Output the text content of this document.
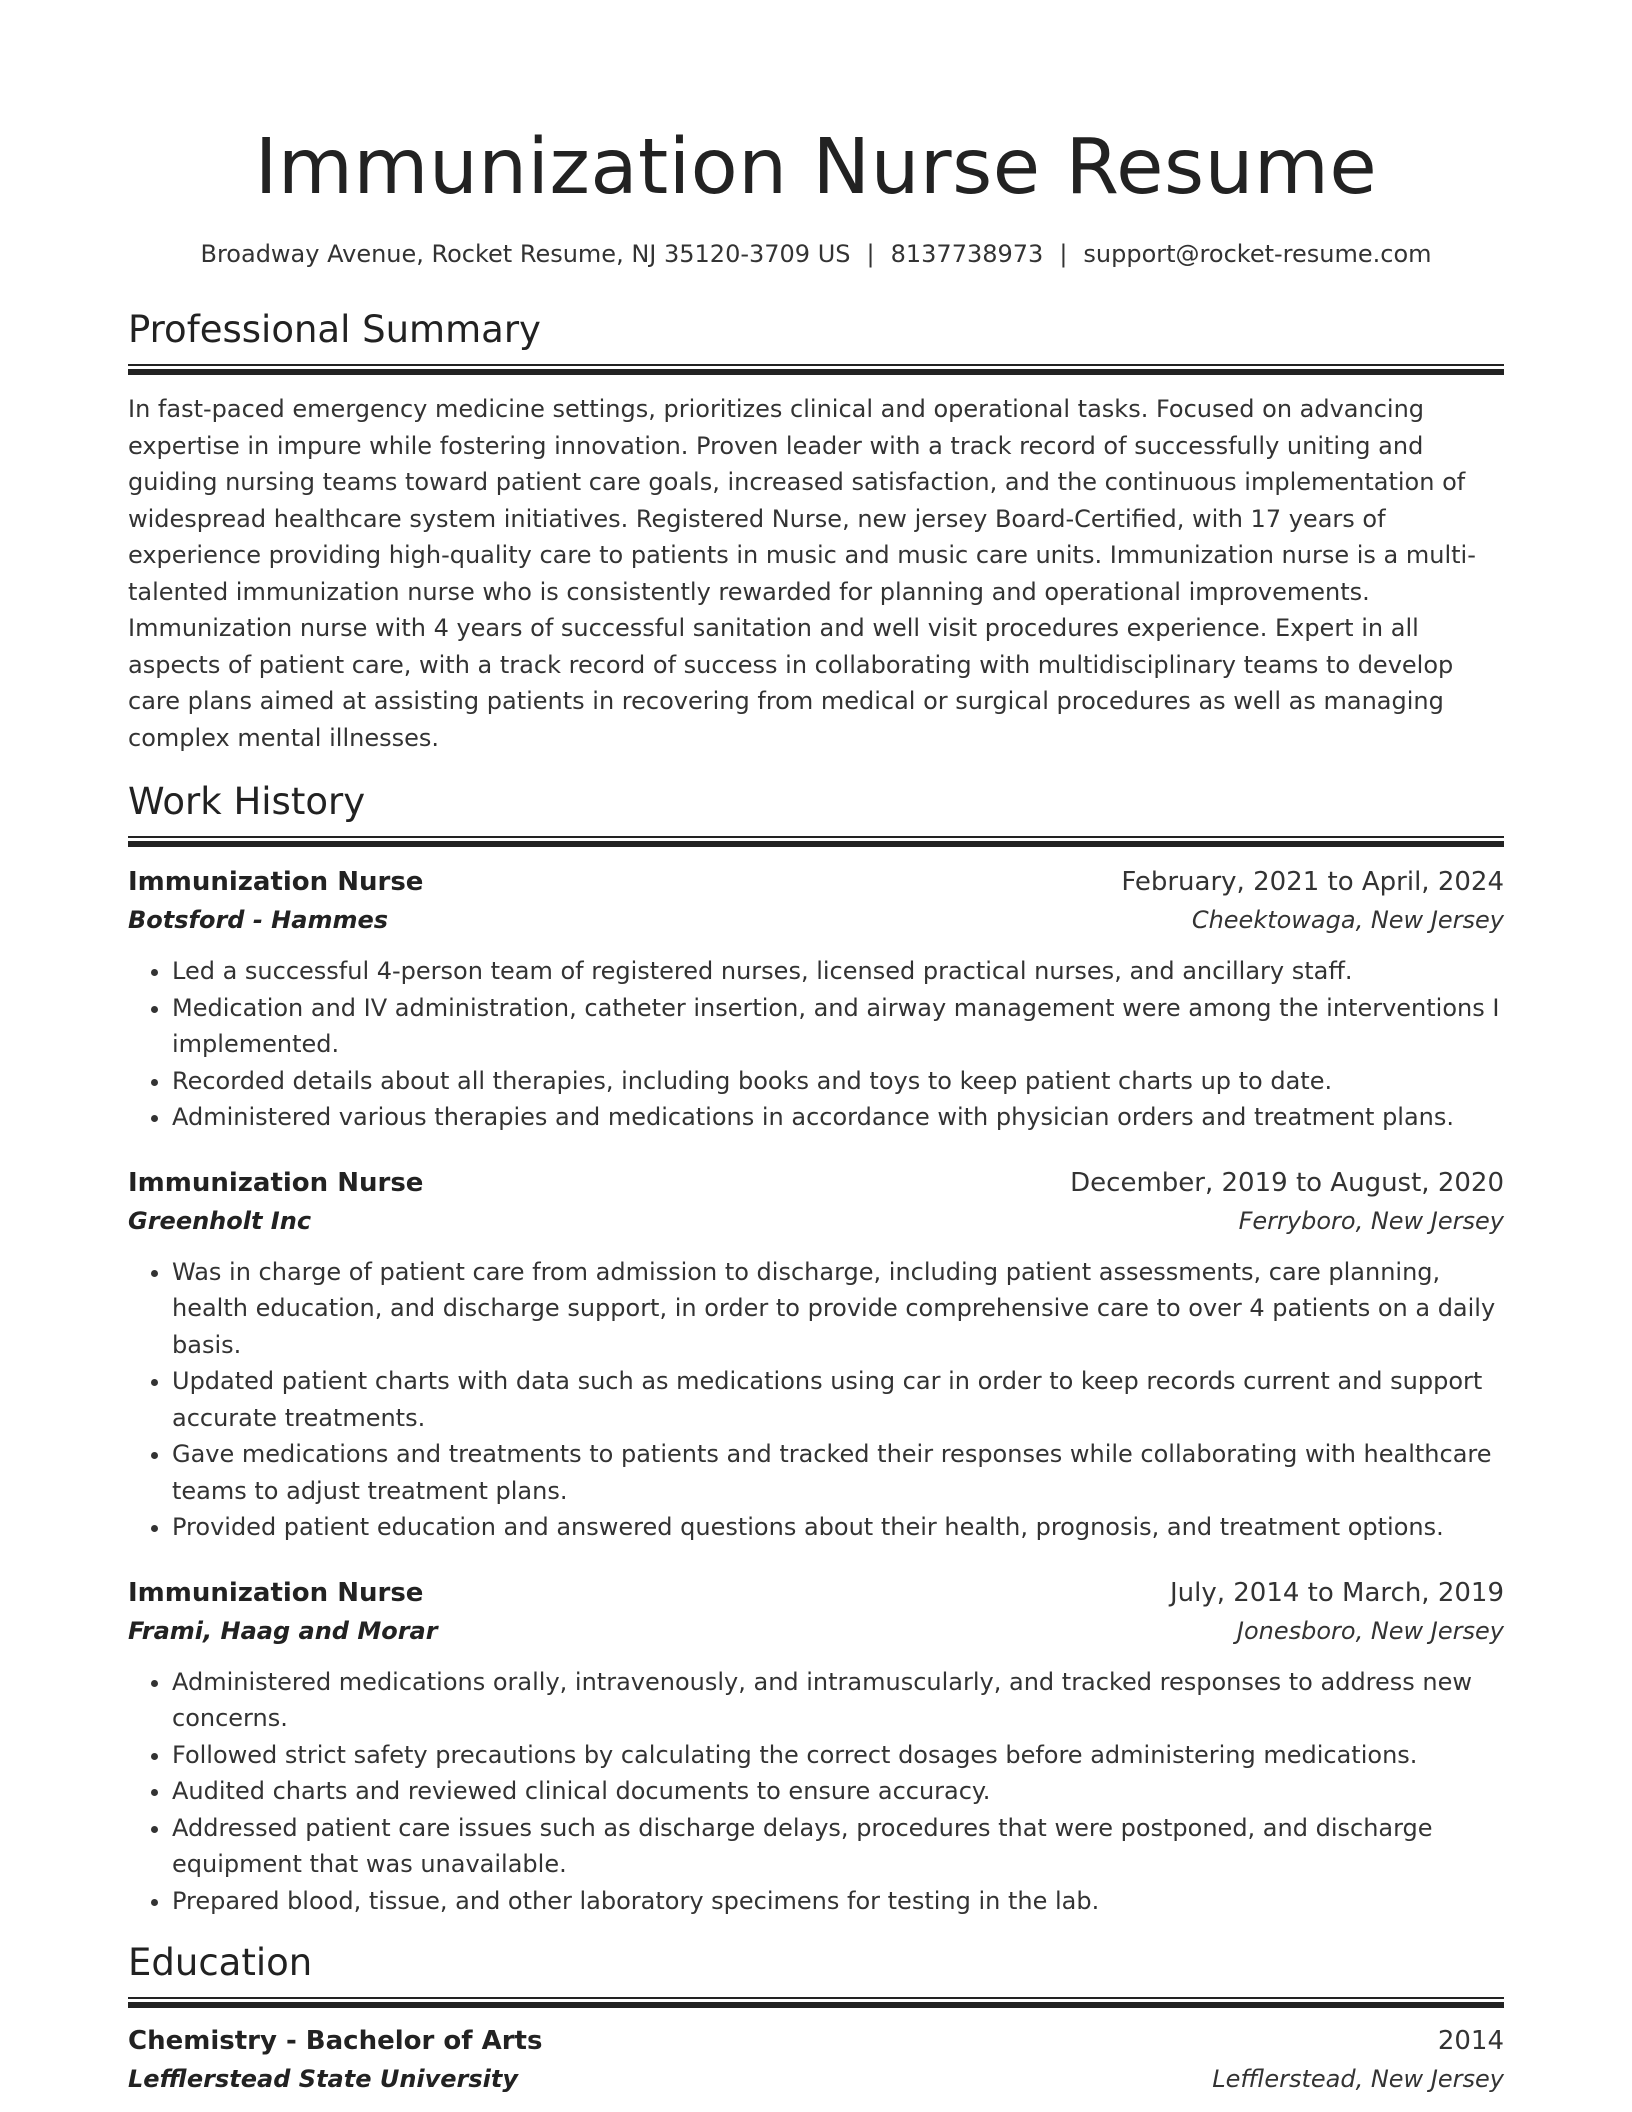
Immunization Nurse Resume
Broadway Avenue, Rocket Resume, NJ 35120-3709 US | 8137738973 | support@rocket-resume.com
Professional Summary
In fast-paced emergency medicine settings, prioritizes clinical and operational tasks. Focused on advancing expertise in impure while fostering innovation. Proven leader with a track record of successfully uniting and guiding nursing teams toward patient care goals, increased satisfaction, and the continuous implementation of widespread healthcare system initiatives. Registered Nurse, new jersey Board-Certified, with 17 years of experience providing high-quality care to patients in music and music care units. Immunization nurse is a multi-talented immunization nurse who is consistently rewarded for planning and operational improvements. Immunization nurse with 4 years of successful sanitation and well visit procedures experience. Expert in all aspects of patient care, with a track record of success in collaborating with multidisciplinary teams to develop care plans aimed at assisting patients in recovering from medical or surgical procedures as well as managing complex mental illnesses.
Work History
Immunization Nurse	February, 2021 to April, 2024
Botsford - Hammes	Cheektowaga, New Jersey
• Led a successful 4-person team of registered nurses, licensed practical nurses, and ancillary staff.
• Medication and IV administration, catheter insertion, and airway management were among the interventions I implemented.
• Recorded details about all therapies, including books and toys to keep patient charts up to date.
• Administered various therapies and medications in accordance with physician orders and treatment plans.
Immunization Nurse	December, 2019 to August, 2020
Greenholt Inc	Ferryboro, New Jersey
• Was in charge of patient care from admission to discharge, including patient assessments, care planning, health education, and discharge support, in order to provide comprehensive care to over 4 patients on a daily basis.
• Updated patient charts with data such as medications using car in order to keep records current and support accurate treatments.
• Gave medications and treatments to patients and tracked their responses while collaborating with healthcare teams to adjust treatment plans.
• Provided patient education and answered questions about their health, prognosis, and treatment options.
Immunization Nurse	July, 2014 to March, 2019
Frami, Haag and Morar	Jonesboro, New Jersey
• Administered medications orally, intravenously, and intramuscularly, and tracked responses to address new concerns.
• Followed strict safety precautions by calculating the correct dosages before administering medications.
• Audited charts and reviewed clinical documents to ensure accuracy.
• Addressed patient care issues such as discharge delays, procedures that were postponed, and discharge equipment that was unavailable.
• Prepared blood, tissue, and other laboratory specimens for testing in the lab.
Education
Chemistry - Bachelor of Arts	2014
Lefflerstead State University	Lefflerstead, New Jersey
